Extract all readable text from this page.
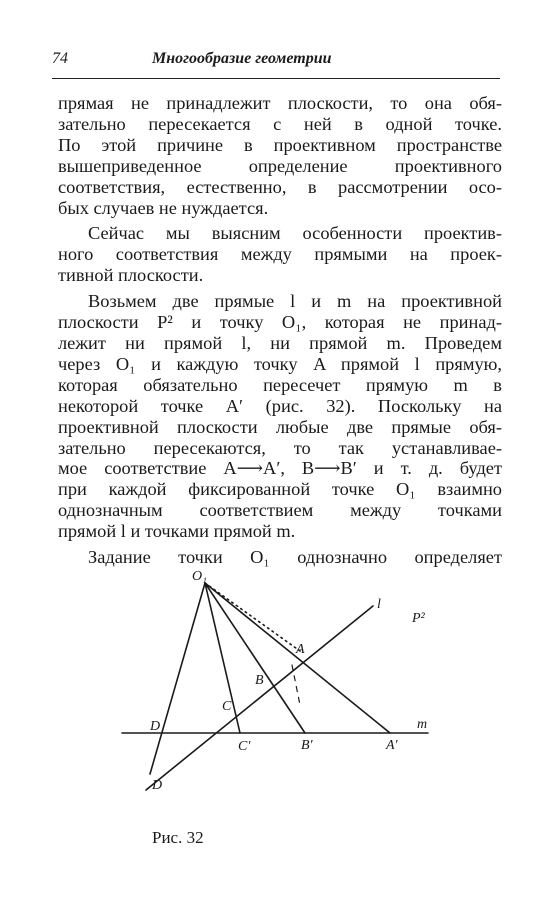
74	Многообразие геометрии
прямая не принадлежит плоскости, то она обя-
зательно пересекается с ней в одной точке.
По этой причине в проективном пространстве
вышеприведенное определение проективного
соответствия, естественно, в рассмотрении осо-
бых случаев не нуждается.
Сейчас мы выясним особенности проектив-
ного соответствия между прямыми на проек-
тивной плоскости.
Возьмем две прямые l и m на проективной
плоскости P² и точку O₁, которая не принад-
лежит ни прямой l, ни прямой m. Проведем
через O₁ и каждую точку A прямой l прямую,
которая обязательно пересечет прямую m в
некоторой точке A′ (рис. 32). Поскольку на
проективной плоскости любые две прямые обя-
зательно пересекаются, то так устанавливае-
мое соответствие A⟶A′, B⟶B′ и т. д. будет
при каждой фиксированной точке O₁ взаимно
однозначным соответствием между точками
прямой l и точками прямой m.
Задание точки O₁ однозначно определяет
O₁
l
P²
A
B
C
D	m
C′	B′	A′
D
Рис. 32
